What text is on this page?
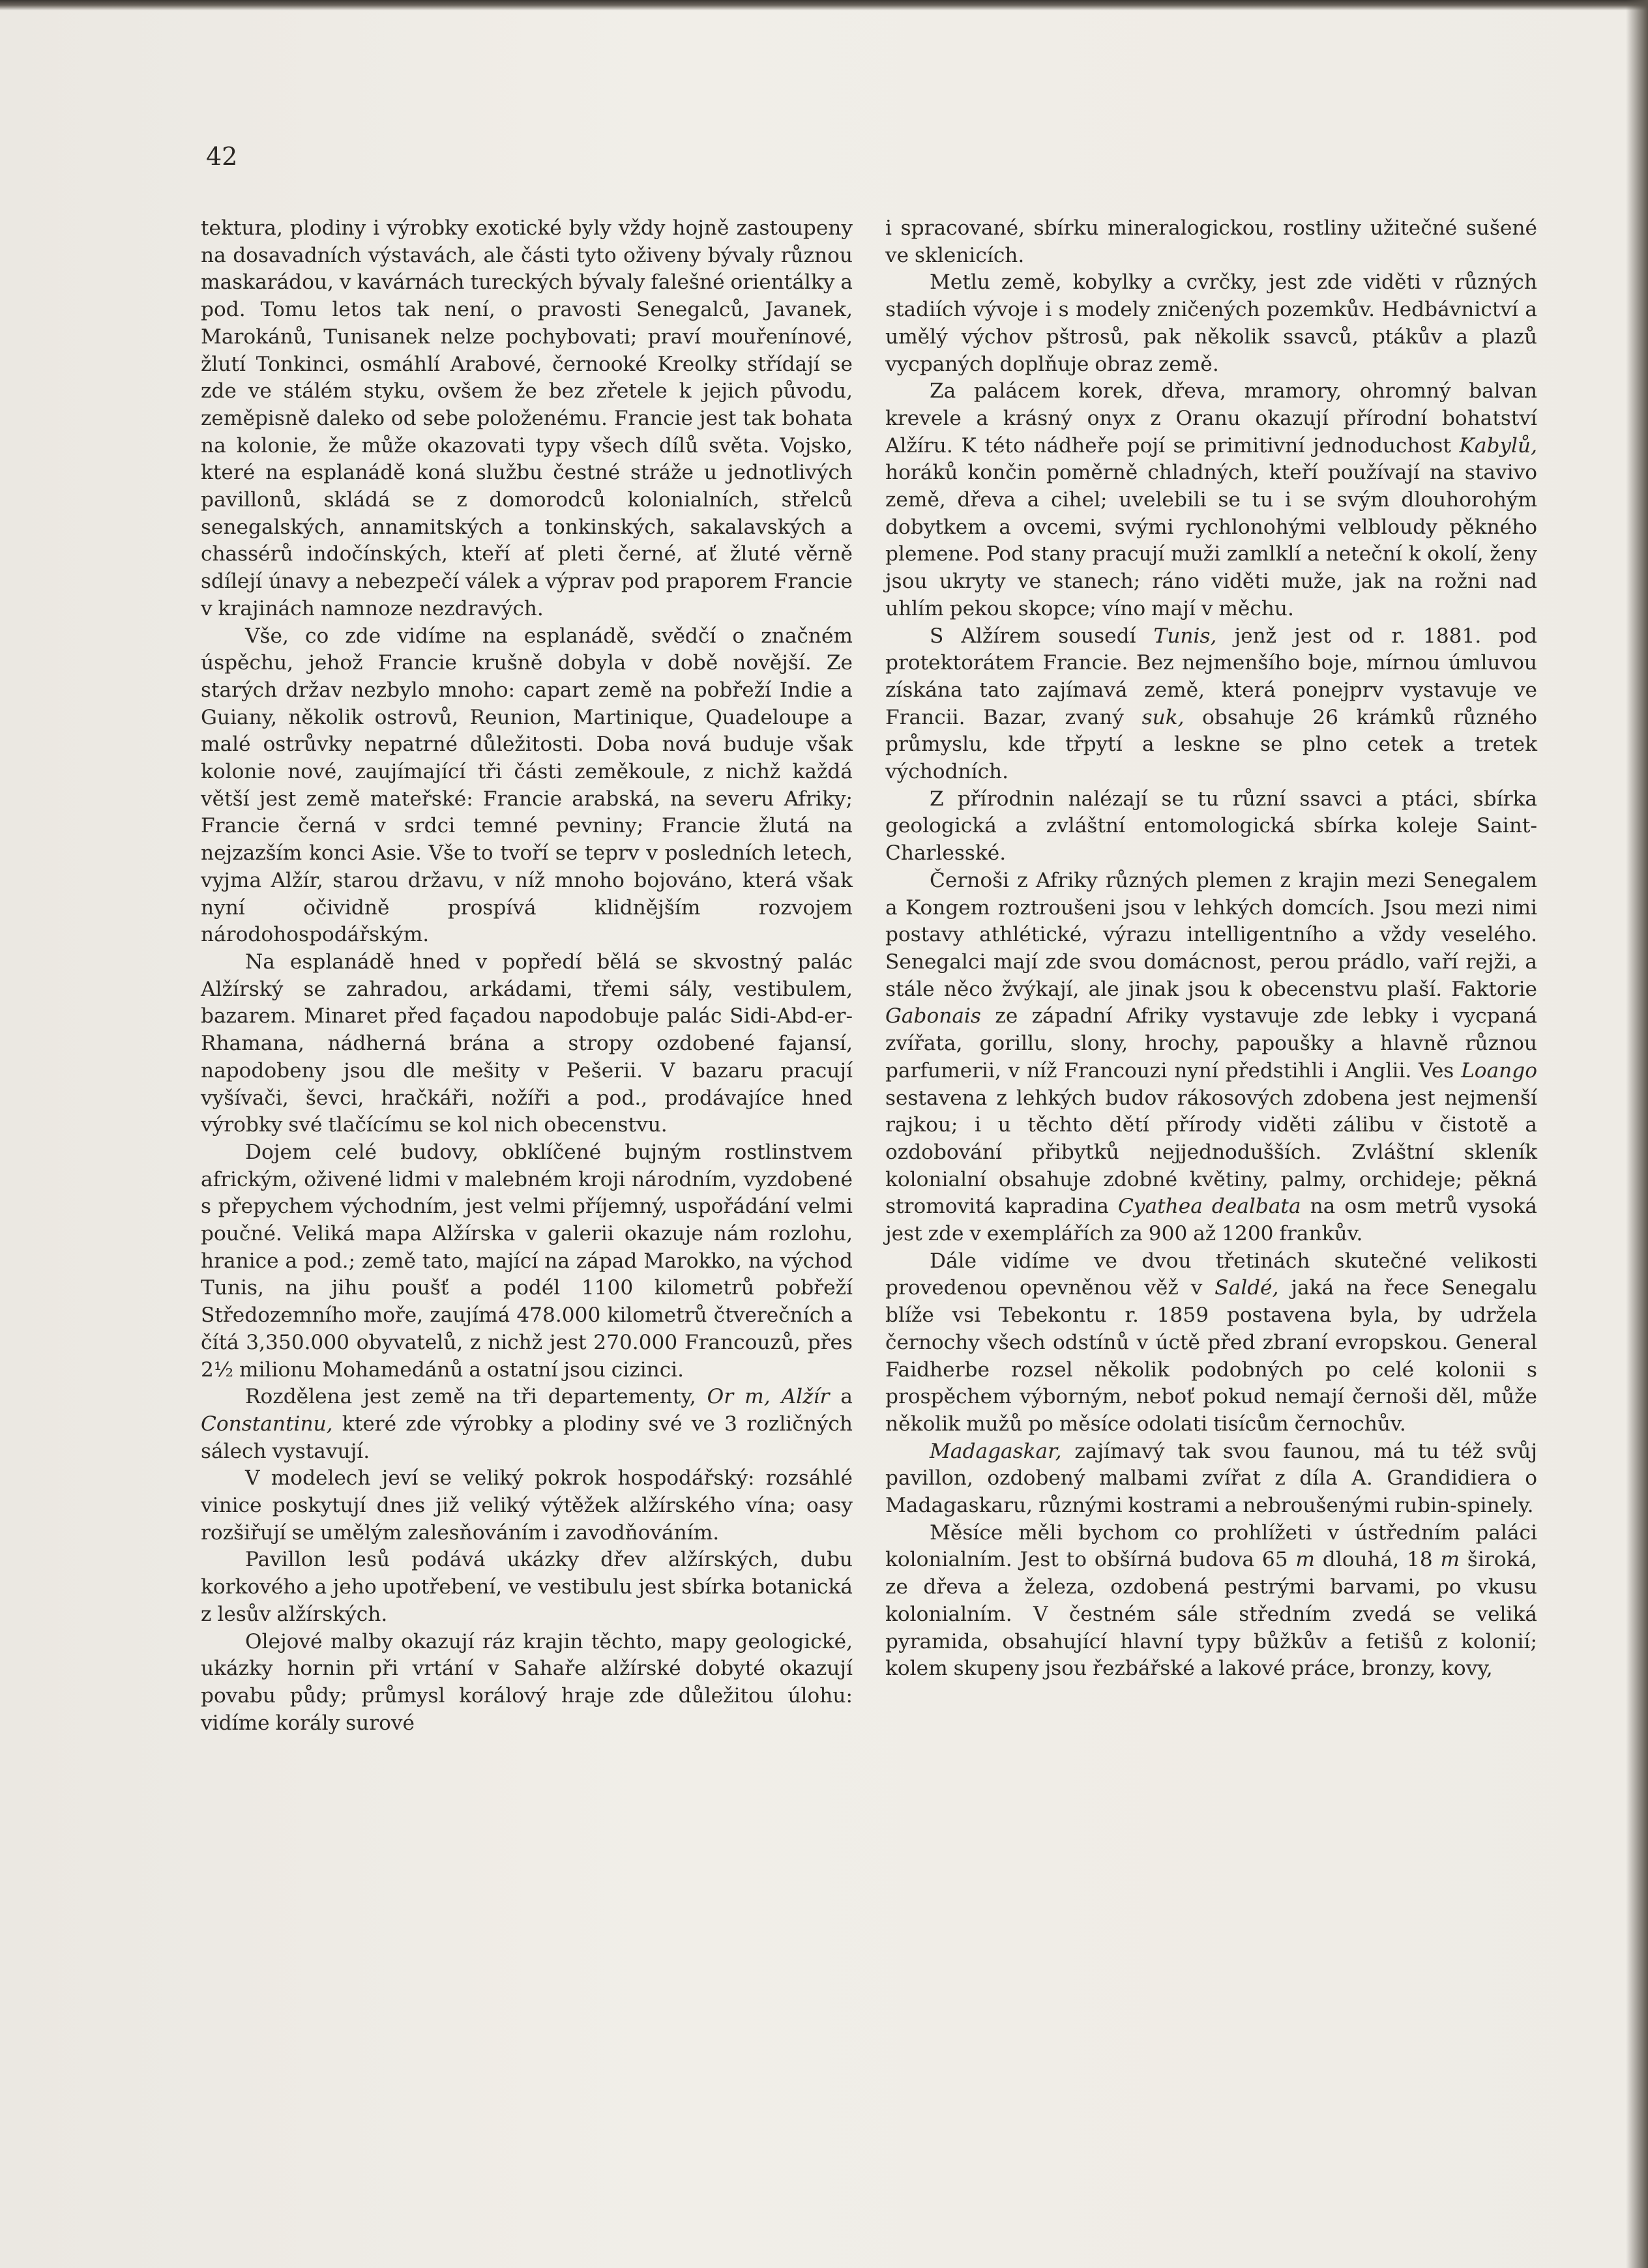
42

tektura, plodiny i výrobky exotické byly vždy hojně zastoupeny na dosavadních výstavách, ale části tyto oživeny bývaly různou maskarádou, v kavárnách tureckých bývaly falešné orientálky a pod. Tomu letos tak není, o pravosti Senegalců, Javanek, Marokánů, Tunisanek nelze pochybovati; praví mouřenínové, žlutí Tonkinci, osmáhlí Arabové, černooké Kreolky střídají se zde ve stálém styku, ovšem že bez zřetele k jejich původu, zeměpisně daleko od sebe položenému. Francie jest tak bohata na kolonie, že může okazovati typy všech dílů světa. Vojsko, které na esplanádě koná službu čestné stráže u jednotlivých pavillonů, skládá se z domorodců kolonialních, střelců senegalských, annamitských a tonkinských, sakalavských a chassérů indočínských, kteří ať pleti černé, ať žluté věrně sdílejí únavy a nebezpečí válek a výprav pod praporem Francie v krajinách namnoze nezdravých.

Vše, co zde vidíme na esplanádě, svědčí o značném úspěchu, jehož Francie krušně dobyla v době novější. Ze starých držav nezbylo mnoho: capart země na pobřeží Indie a Guiany, několik ostrovů, Reunion, Martinique, Quadeloupe a malé ostrůvky nepatrné důležitosti. Doba nová buduje však kolonie nové, zaujímající tři části zeměkoule, z nichž každá větší jest země mateřské: Francie arabská, na severu Afriky; Francie černá v srdci temné pevniny; Francie žlutá na nejzazším konci Asie. Vše to tvoří se teprv v posledních letech, vyjma Alžír, starou državu, v níž mnoho bojováno, která však nyní očividně prospívá klidnějším rozvojem národohospodářským.

Na esplanádě hned v popředí bělá se skvostný palác Alžírský se zahradou, arkádami, třemi sály, vestibulem, bazarem. Minaret před façadou napodobuje palác Sidi-Abd-er-Rhamana, nádherná brána a stropy ozdobené fajansí, napodobeny jsou dle mešity v Pešerii. V bazaru pracují vyšívači, ševci, hračkáři, nožíři a pod., prodávajíce hned výrobky své tlačícímu se kol nich obecenstvu.

Dojem celé budovy, obklíčené bujným rostlinstvem africkým, oživené lidmi v malebném kroji národním, vyzdobené s přepychem východním, jest velmi příjemný, uspořádání velmi poučné. Veliká mapa Alžírska v galerii okazuje nám rozlohu, hranice a pod.; země tato, mající na západ Marokko, na východ Tunis, na jihu poušť a podél 1100 kilometrů pobřeží Středozemního moře, zaujímá 478.000 kilometrů čtverečních a čítá 3,350.000 obyvatelů, z nichž jest 270.000 Francouzů, přes 2½ milionu Mohamedánů a ostatní jsou cizinci.

Rozdělena jest země na tři departementy, Or m, Alžír a Constantinu, které zde výrobky a plodiny své ve 3 rozličných sálech vystavují.

V modelech jeví se veliký pokrok hospodářský: rozsáhlé vinice poskytují dnes již veliký výtěžek alžírského vína; oasy rozšiřují se umělým zalesňováním i zavodňováním.

Pavillon lesů podává ukázky dřev alžírských, dubu korkového a jeho upotřebení, ve vestibulu jest sbírka botanická z lesův alžírských.

Olejové malby okazují ráz krajin těchto, mapy geologické, ukázky hornin při vrtání v Sahaře alžírské dobyté okazují povabu půdy; průmysl korálový hraje zde důležitou úlohu: vidíme korály surové

i spracované, sbírku mineralogickou, rostliny užitečné sušené ve sklenicích.

Metlu země, kobylky a cvrčky, jest zde viděti v různých stadiích vývoje i s modely zničených pozemkův. Hedbávnictví a umělý výchov pštrosů, pak několik ssavců, ptákův a plazů vycpaných doplňuje obraz země.

Za palácem korek, dřeva, mramory, ohromný balvan krevele a krásný onyx z Oranu okazují přírodní bohatství Alžíru. K této nádheře pojí se primitivní jednoduchost Kabylů, horáků končin poměrně chladných, kteří používají na stavivo země, dřeva a cihel; uvelebili se tu i se svým dlouhorohým dobytkem a ovcemi, svými rychlonohými velbloudy pěkného plemene. Pod stany pracují muži zamlklí a neteční k okolí, ženy jsou ukryty ve stanech; ráno viděti muže, jak na rožni nad uhlím pekou skopce; víno mají v měchu.

S Alžírem sousedí Tunis, jenž jest od r. 1881. pod protektorátem Francie. Bez nejmenšího boje, mírnou úmluvou získána tato zajímavá země, která ponejprv vystavuje ve Francii. Bazar, zvaný suk, obsahuje 26 krámků různého průmyslu, kde třpytí a leskne se plno cetek a tretek východních.

Z přírodnin nalézají se tu různí ssavci a ptáci, sbírka geologická a zvláštní entomologická sbírka kolejе Saint-Charlesské.

Černoši z Afriky různých plemen z krajin mezi Senegalem a Kongem roztroušeni jsou v lehkých domcích. Jsou mezi nimi postavy athlétické, výrazu intelligentního a vždy veselého. Senegalci mají zde svou domácnost, perou prádlo, vaří rejži, a stále něco žvýkají, ale jinak jsou k obecenstvu plaší. Faktorie Gabonais ze západní Afriky vystavuje zde lebky i vycpaná zvířata, gorillu, slony, hrochy, papoušky a hlavně různou parfumerii, v níž Francouzi nyní předstihli i Anglii. Ves Loango sestavena z lehkých budov rákosových zdobena jest nejmenší rajkou; i u těchto dětí přírody viděti zálibu v čistotě a ozdobování přibytků nejjednodušších. Zvláštní skleník kolonialní obsahuje zdobné květiny, palmy, orchideje; pěkná stromovitá kapradina Cyathea dealbata na osm metrů vysoká jest zde v exemplářích za 900 až 1200 frankův.

Dále vidíme ve dvou třetinách skutečné velikosti provedenou opevněnou věž v Saldé, jaká na řece Senegalu blíže vsi Tebekontu r. 1859 postavena byla, by udržela černochy všech odstínů v úctě před zbraní evropskou. General Faidherbe rozsel několik podobných po celé kolonii s prospěchem výborným, neboť pokud nemají černoši děl, může několik mužů po měsíce odolati tisícům černochův.

Madagaskar, zajímavý tak svou faunou, má tu též svůj pavillon, ozdobený malbami zvířat z díla A. Grandidiera o Madagaskaru, různými kostrami a nebroušenými rubin-spinely.

Měsíce měli bychom co prohlížeti v ústředním paláci kolonialním. Jest to obšírná budova 65 m dlouhá, 18 m široká, ze dřeva a železa, ozdobená pestrými barvami, po vkusu kolonialním. V čestném sále středním zvedá se veliká pyramida, obsahující hlavní typy bůžkův a fetišů z kolonií; kolem skupeny jsou řezbářské a lakové práce, bronzy, kovy,
